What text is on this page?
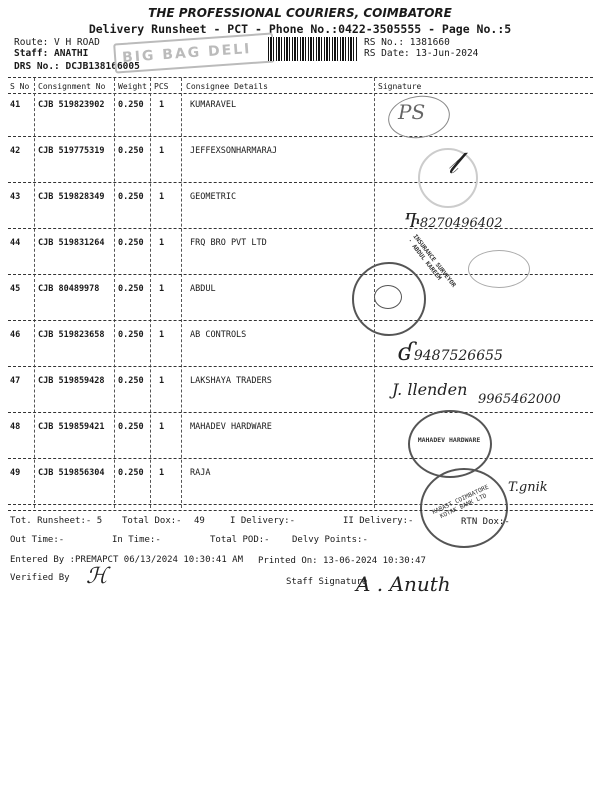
THE PROFESSIONAL COURIERS, COIMBATORE
Delivery Runsheet - PCT - Phone No.:0422-3505555 - Page No.:5
Route: V H ROAD
Staff: ANATHI
DRS No.: DCJB138166005
BIG BAG DELI	RS No.: 1381660
RS Date: 13-Jun-2024
S No Consignment No Weight PCS Consignee Details	Signature
41 CJB 519823902 0.250 1	KUMARAVEL
42 CJB 519775319 0.250 1	JEFFEXSONHARMARAJ
43 CJB 519828349 0.250 1	GEOMETRIC
44 CJB 519831264 0.250 1	FRQ BRO PVT LTD
45 CJB 80489978 0.250 1	ABDUL
46 CJB 519823658 0.250 1	AB CONTROLS
47 CJB 519859428 0.250 1	LAKSHAYA TRADERS
48 CJB 519859421 0.250 1	MAHADEV HARDWARE
49 CJB 519856304 0.250 1	RAJA
PS
𝓁
Ⴅ8270496402
INSURANCE SURVEYOR · ABDUL KAREEM
ʛ9487526655
J. llenden
9965462000
MAHADEV HARDWARE
KARAST COIMBATORE KOTAK BANK LTD
T.gnik
Tot. Runsheet:- 5 Total Dox:- 49	I Delivery:-	II Delivery:-	RTN Dox:-
Out Time:-	In Time:-	Total POD:- Delvy Points:-
Entered By :PREMAPCT 06/13/2024 10:30:41 AM Printed On: 13-06-2024 10:30:47
Verified By ℋ	Staff Signature
A . Anuth
